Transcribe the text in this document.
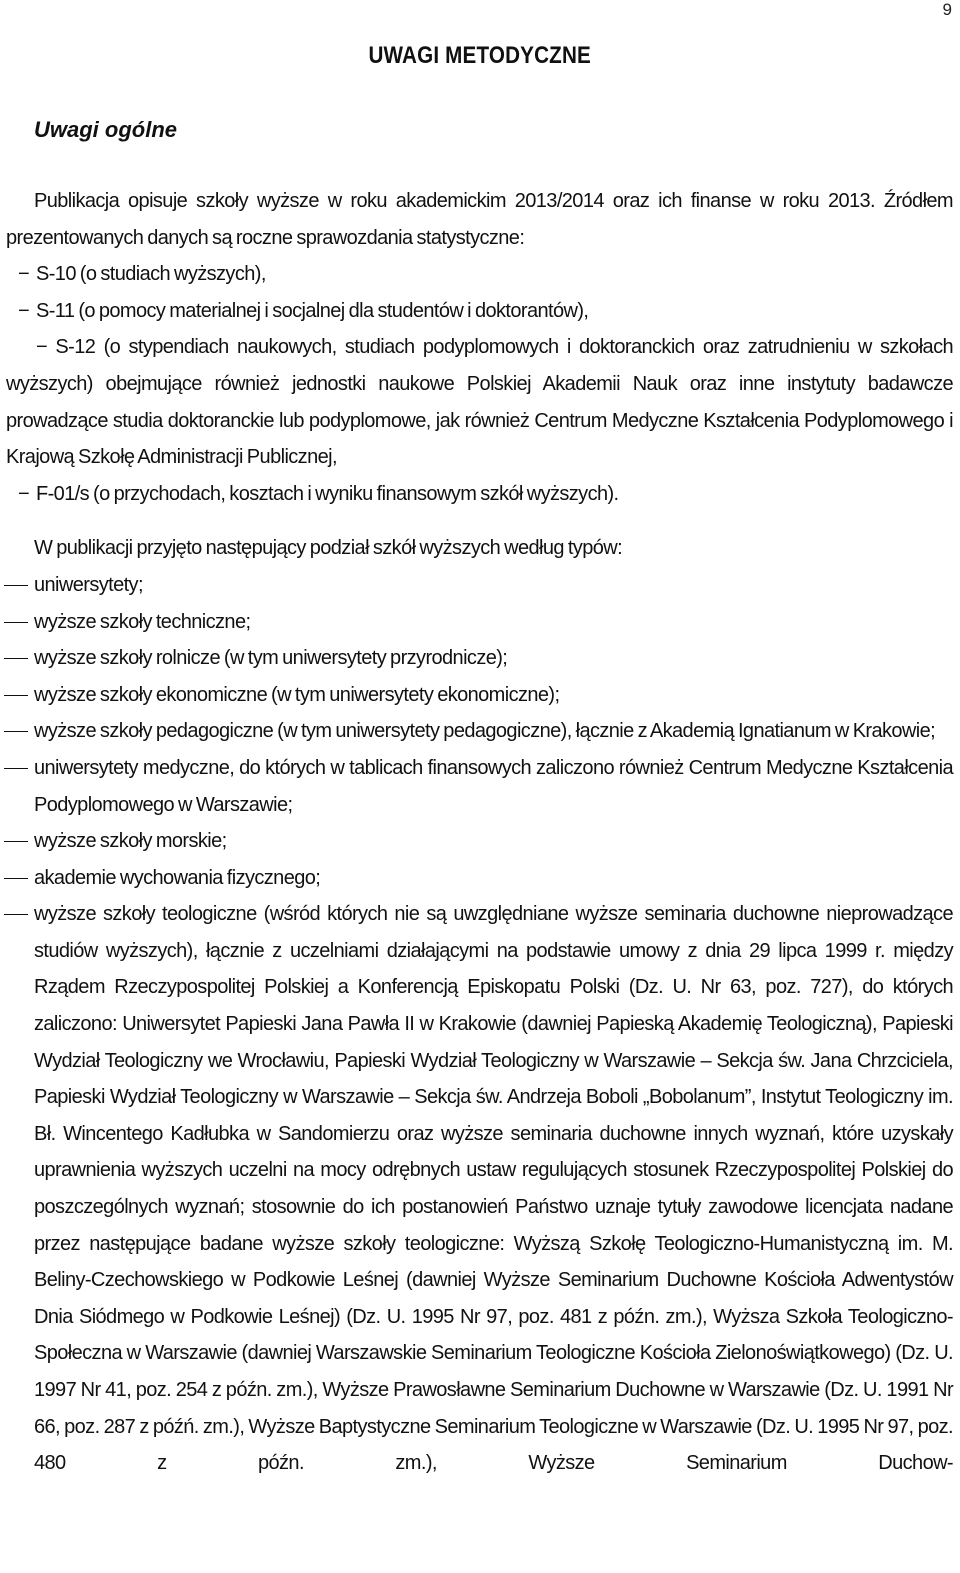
9
UWAGI METODYCZNE
Uwagi ogólne

Publikacja opisuje szkoły wyższe w roku akademickim 2013/2014 oraz ich finanse w roku 2013. Źródłem prezentowanych danych są roczne sprawozdania statystyczne:

− S-10 (o studiach wyższych),

− S-11 (o pomocy materialnej i socjalnej dla studentów i doktorantów),

− S-12 (o stypendiach naukowych, studiach podyplomowych i doktoranckich oraz zatrudnieniu w szkołach wyższych) obejmujące również jednostki naukowe Polskiej Akademii Nauk oraz inne instytuty badawcze prowadzące studia doktoranckie lub podyplomowe, jak również Centrum Medyczne Kształcenia Podyplomowego i Krajową Szkołę Administracji Publicznej,

− F-01/s (o przychodach, kosztach i wyniku finansowym szkół wyższych).

W publikacji przyjęto następujący podział szkół wyższych według typów:

uniwersytety;

wyższe szkoły techniczne;

wyższe szkoły rolnicze (w tym uniwersytety przyrodnicze);

wyższe szkoły ekonomiczne (w tym uniwersytety ekonomiczne);

wyższe szkoły pedagogiczne (w tym uniwersytety pedagogiczne), łącznie z Akademią Ignatianum w Krakowie;

uniwersytety medyczne, do których w tablicach finansowych zaliczono również Centrum Medyczne Kształcenia Podyplomowego w Warszawie;

wyższe szkoły morskie;

akademie wychowania fizycznego;

wyższe szkoły teologiczne (wśród których nie są uwzględniane wyższe seminaria duchowne nieprowadzące studiów wyższych), łącznie z uczelniami działającymi na podstawie umowy z dnia 29 lipca 1999 r. między Rządem Rzeczypospolitej Polskiej a Konferencją Episkopatu Polski (Dz. U. Nr 63, poz. 727), do których zaliczono: Uniwersytet Papieski Jana Pawła II w Krakowie (dawniej Papieską Akademię Teologiczną), Papieski Wydział Teologiczny we Wrocławiu, Papieski Wydział Teologiczny w Warszawie – Sekcja św. Jana Chrzciciela, Papieski Wydział Teologiczny w Warszawie – Sekcja św. Andrzeja Boboli „Bobolanum”, Instytut Teologiczny im. Bł. Wincentego Kadłubka w Sandomierzu oraz wyższe seminaria duchowne innych wyznań, które uzyskały uprawnienia wyższych uczelni na mocy odrębnych ustaw regulujących stosunek Rzeczypospolitej Polskiej do poszczególnych wyznań; stosownie do ich postanowień Państwo uznaje tytuły zawodowe licencjata nadane przez następujące badane wyższe szkoły teologiczne: Wyższą Szkołę Teologiczno-Humanistyczną im. M. Beliny-Czechowskiego w Podkowie Leśnej (dawniej Wyższe Seminarium Duchowne Kościoła Adwentystów Dnia Siódmego w Podkowie Leśnej) (Dz. U. 1995 Nr 97, poz. 481 z późn. zm.), Wyższa Szkoła Teologiczno-Społeczna w Warszawie (dawniej Warszawskie Seminarium Teologiczne Kościoła Zielonoświątkowego) (Dz. U. 1997 Nr 41, poz. 254 z późn. zm.), Wyższe Prawosławne Seminarium Duchowne w Warszawie (Dz. U. 1991 Nr 66, poz. 287 z późń. zm.), Wyższe Baptystyczne Seminarium Teologiczne w Warszawie (Dz. U. 1995 Nr 97, poz. 480 z późn. zm.), Wyższe Seminarium Duchow-
